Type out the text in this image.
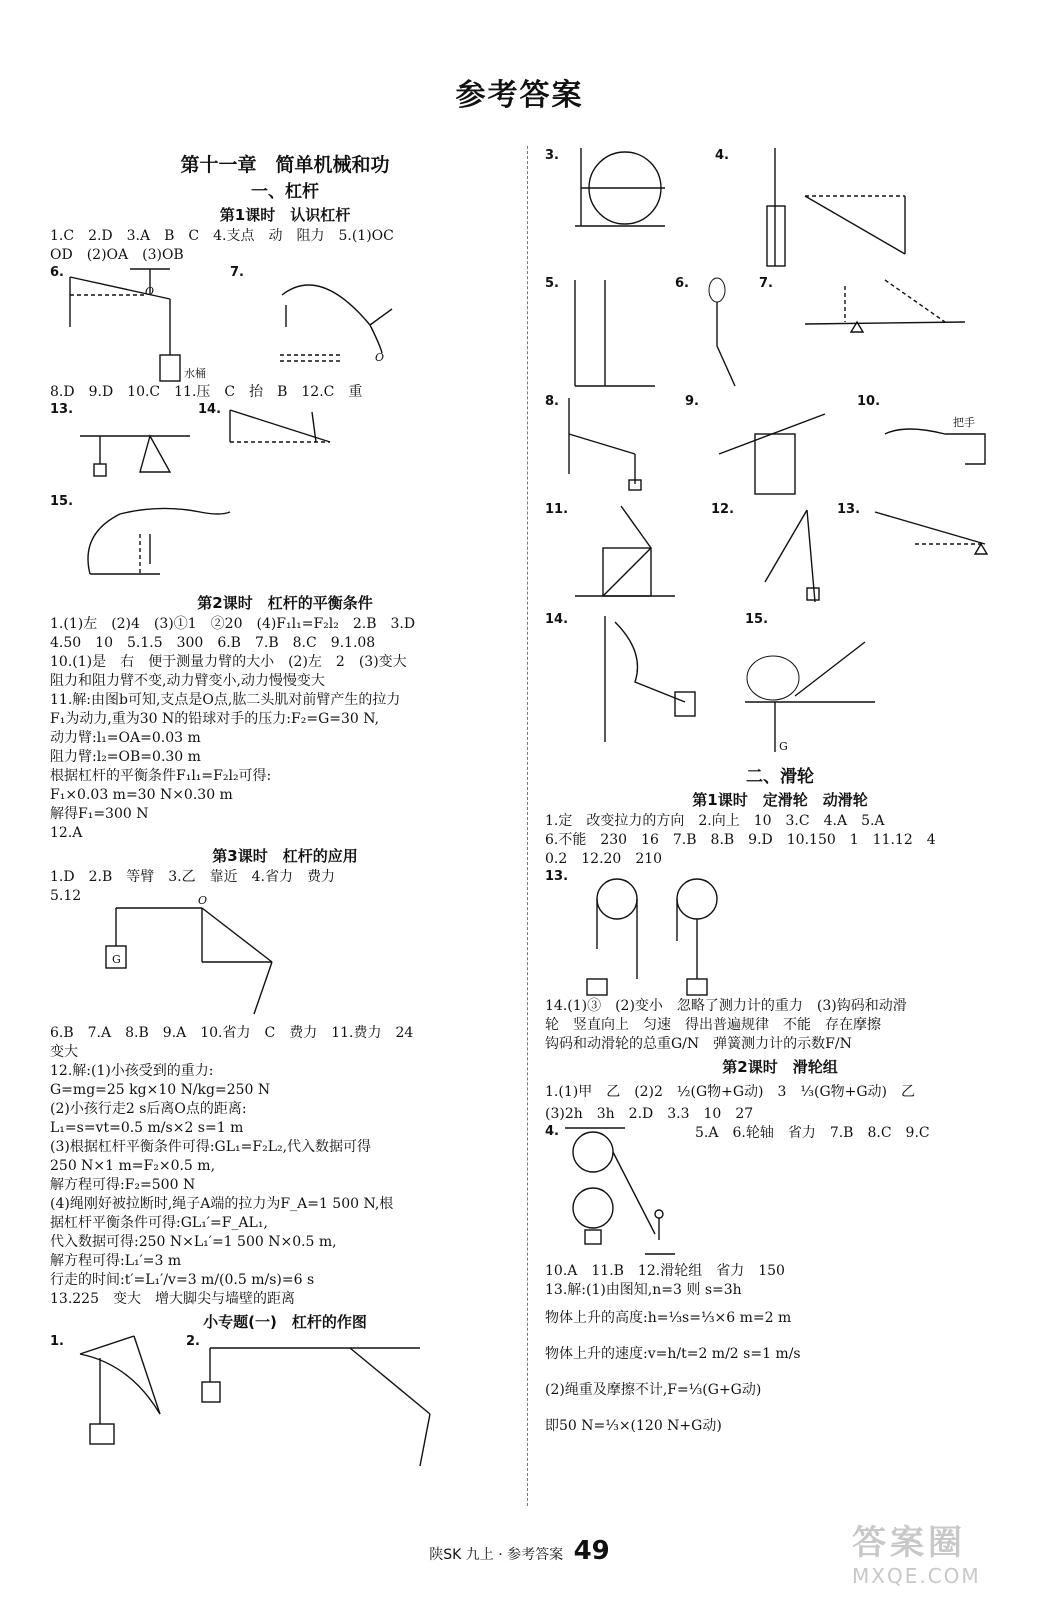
参考答案
第十一章　简单机械和功
一、杠杆
第1课时　认识杠杆
1.C　2.D　3.A　B　C　4.支点　动　阻力　5.(1)OC
OD　(2)OA　(3)OB
6.	7.
O
O
水桶
8.D　9.D　10.C　11.压　C　抬　B　12.C　重
13.	14.
15.
第2课时　杠杆的平衡条件
1.(1)左　(2)4　(3)①1　②20　(4)F₁l₁=F₂l₂　2.B　3.D
4.50　10　5.1.5　300　6.B　7.B　8.C　9.1.08
10.(1)是　右　便于测量力臂的大小　(2)左　2　(3)变大
阻力和阻力臂不变,动力臂变小,动力慢慢变大
11.解:由图b可知,支点是O点,肱二头肌对前臂产生的拉力
F₁为动力,重为30 N的铅球对手的压力:F₂=G=30 N,
动力臂:l₁=OA=0.03 m
阻力臂:l₂=OB=0.30 m
根据杠杆的平衡条件F₁l₁=F₂l₂可得:
F₁×0.03 m=30 N×0.30 m
解得F₁=300 N
12.A
第3课时　杠杆的应用
1.D　2.B　等臂　3.乙　靠近　4.省力　费力
5.12
G
O
6.B　7.A　8.B　9.A　10.省力　C　费力　11.费力　24
变大
12.解:(1)小孩受到的重力:
G=mg=25 kg×10 N/kg=250 N
(2)小孩行走2 s后离O点的距离:
L₁=s=vt=0.5 m/s×2 s=1 m
(3)根据杠杆平衡条件可得:GL₁=F₂L₂,代入数据可得
250 N×1 m=F₂×0.5 m,
解方程可得:F₂=500 N
(4)绳刚好被拉断时,绳子A端的拉力为F_A=1 500 N,根
据杠杆平衡条件可得:GL₁′=F_AL₁,
代入数据可得:250 N×L₁′=1 500 N×0.5 m,
解方程可得:L₁′=3 m
行走的时间:t′=L₁′/v=3 m/(0.5 m/s)=6 s
13.225　变大　增大脚尖与墙壁的距离
小专题(一)　杠杆的作图
1.	2.
3.	4.
5.	6.	7.
8.	9.	10.
把手
11.	12.	13.
14.	15.
G
二、滑轮
第1课时　定滑轮　动滑轮
1.定　改变拉力的方向　2.向上　10　3.C　4.A　5.A
6.不能　230　16　7.B　8.B　9.D　10.150　1　11.12　4
0.2　12.20　210
13.
14.(1)③　(2)变小　忽略了测力计的重力　(3)钩码和动滑
轮　竖直向上　匀速　得出普遍规律　不能　存在摩擦
钩码和动滑轮的总重G/N　弹簧测力计的示数F/N
第2课时　滑轮组
1.(1)甲　乙　(2)2　½(G物+G动)　3　⅓(G物+G动)　乙
(3)2h　3h　2.D　3.3　10　27
4.	5.A　6.轮轴　省力　7.B　8.C　9.C
10.A　11.B　12.滑轮组　省力　150
13.解:(1)由图知,n=3 则 s=3h
物体上升的高度:h=⅓s=⅓×6 m=2 m
物体上升的速度:v=h/t=2 m/2 s=1 m/s
(2)绳重及摩擦不计,F=⅓(G+G动)
即50 N=⅓×(120 N+G动)
陕SK 九上 · 参考答案 49	答案圈
MXQE.COM
